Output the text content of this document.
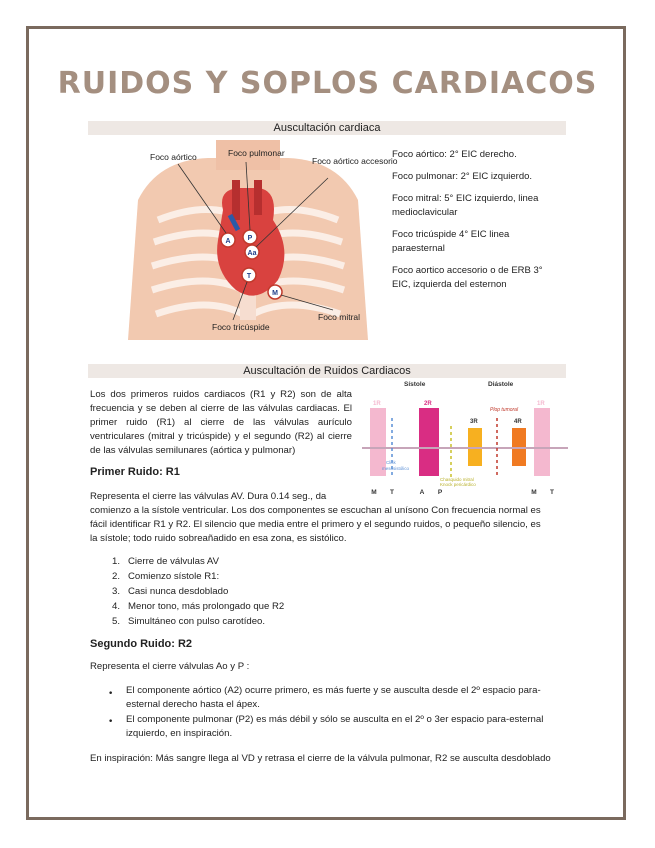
RUIDOS Y SOPLOS CARDIACOS
Auscultación cardiaca
A P
Aa
T
M
Foco aórtico	Foco pulmonar
Foco aórtico accesorio
Foco tricúspide
Foco mitral
Foco aórtico: 2° EIC derecho.
Foco pulmonar: 2° EIC izquierdo.
Foco mitral: 5° EIC izquierdo, linea medioclavicular
Foco tricúspide 4° EIC linea paraesternal
Foco aortico accesorio o de ERB 3° EIC, izquierda del esternon
Auscultación de Ruidos Cardiacos
Los dos primeros ruidos cardiacos (R1 y R2) son de alta frecuencia y se deben al cierre de las válvulas cardiacas. El primer ruido (R1) al cierre de las válvulas aurículo ventriculares (mitral y tricúspide) y el segundo (R2) al cierre de las válvulas semilunares (aórtica y pulmonar)
Sístole	Diástole
1R	2R
3R	4R
1R
Plop tumoral
Click
mesosistólico
Chasquido mitral
Knock pericárdico
M T	A P	M T
Primer Ruido: R1
Representa el cierre las válvulas AV. Dura 0.14 seg., da
comienzo a la sístole ventricular. Los dos componentes se escuchan al unísono Con frecuencia normal es
fácil identificar R1 y R2. El silencio que media entre el primero y el segundo ruidos, o pequeño silencio, es
la sístole; todo ruido sobreañadido en esa zona, es sistólico.
1.   Cierre de válvulas AV
2.   Comienzo sístole R1:
3.   Casi nunca desdoblado
4.   Menor tono, más prolongado que R2
5.   Simultáneo con pulso carotídeo.
Segundo Ruido: R2
Representa el cierre válvulas Ao y P :
• El componente aórtico (A2) ocurre primero, es más fuerte y se ausculta desde el 2º espacio para-esternal derecho hasta el ápex.
• El componente pulmonar (P2) es más débil y sólo se ausculta en el 2º o 3er espacio para-esternal izquierdo, en inspiración.
En inspiración: Más sangre llega al VD y retrasa el cierre de la válvula pulmonar, R2 se ausculta desdoblado
